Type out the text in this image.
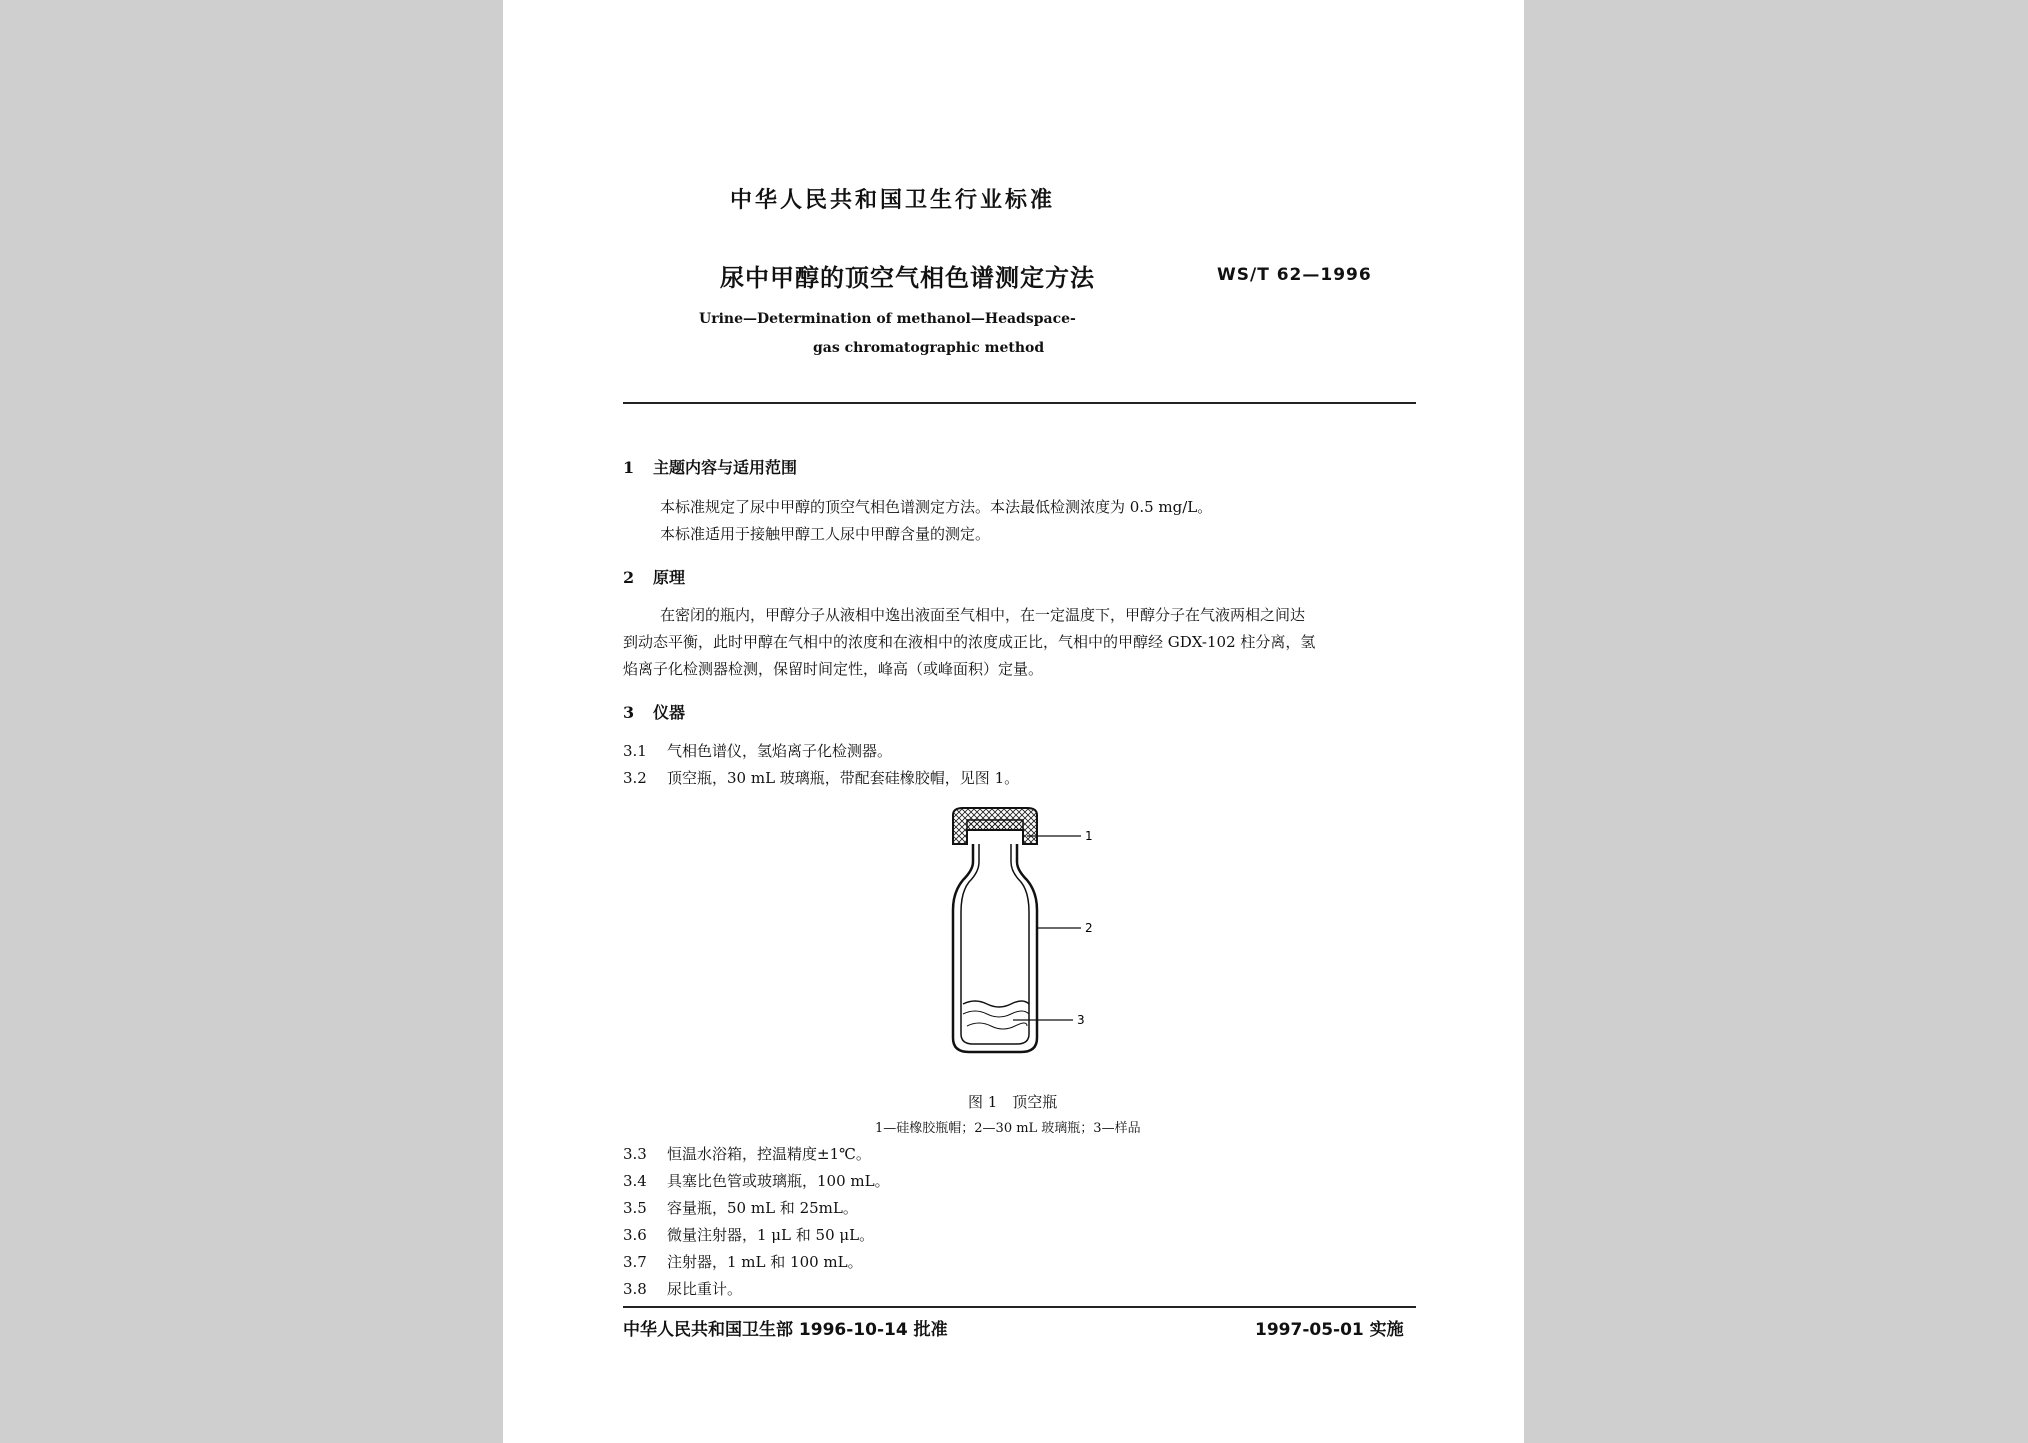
中华人民共和国卫生行业标准
尿中甲醇的顶空气相色谱测定方法	WS/T 62—1996
Urine—Determination of methanol—Headspace-
gas chromatographic method
1 主题内容与适用范围
本标准规定了尿中甲醇的顶空气相色谱测定方法。本法最低检测浓度为 0.5 mg/L。
本标准适用于接触甲醇工人尿中甲醇含量的测定。
2 原理
在密闭的瓶内，甲醇分子从液相中逸出液面至气相中，在一定温度下，甲醇分子在气液两相之间达
到动态平衡，此时甲醇在气相中的浓度和在液相中的浓度成正比，气相中的甲醇经 GDX-102 柱分离，氢
焰离子化检测器检测，保留时间定性，峰高（或峰面积）定量。
3 仪器
3.1 气相色谱仪，氢焰离子化检测器。
3.2 顶空瓶，30 mL 玻璃瓶，带配套硅橡胶帽，见图 1。
1
2
3
图 1　顶空瓶
1—硅橡胶瓶帽；2—30 mL 玻璃瓶；3—样品
3.3 恒温水浴箱，控温精度±1℃。
3.4 具塞比色管或玻璃瓶，100 mL。
3.5 容量瓶，50 mL 和 25mL。
3.6 微量注射器，1 μL 和 50 μL。
3.7 注射器，1 mL 和 100 mL。
3.8 尿比重计。
中华人民共和国卫生部 1996-10-14 批准	1997-05-01 实施
